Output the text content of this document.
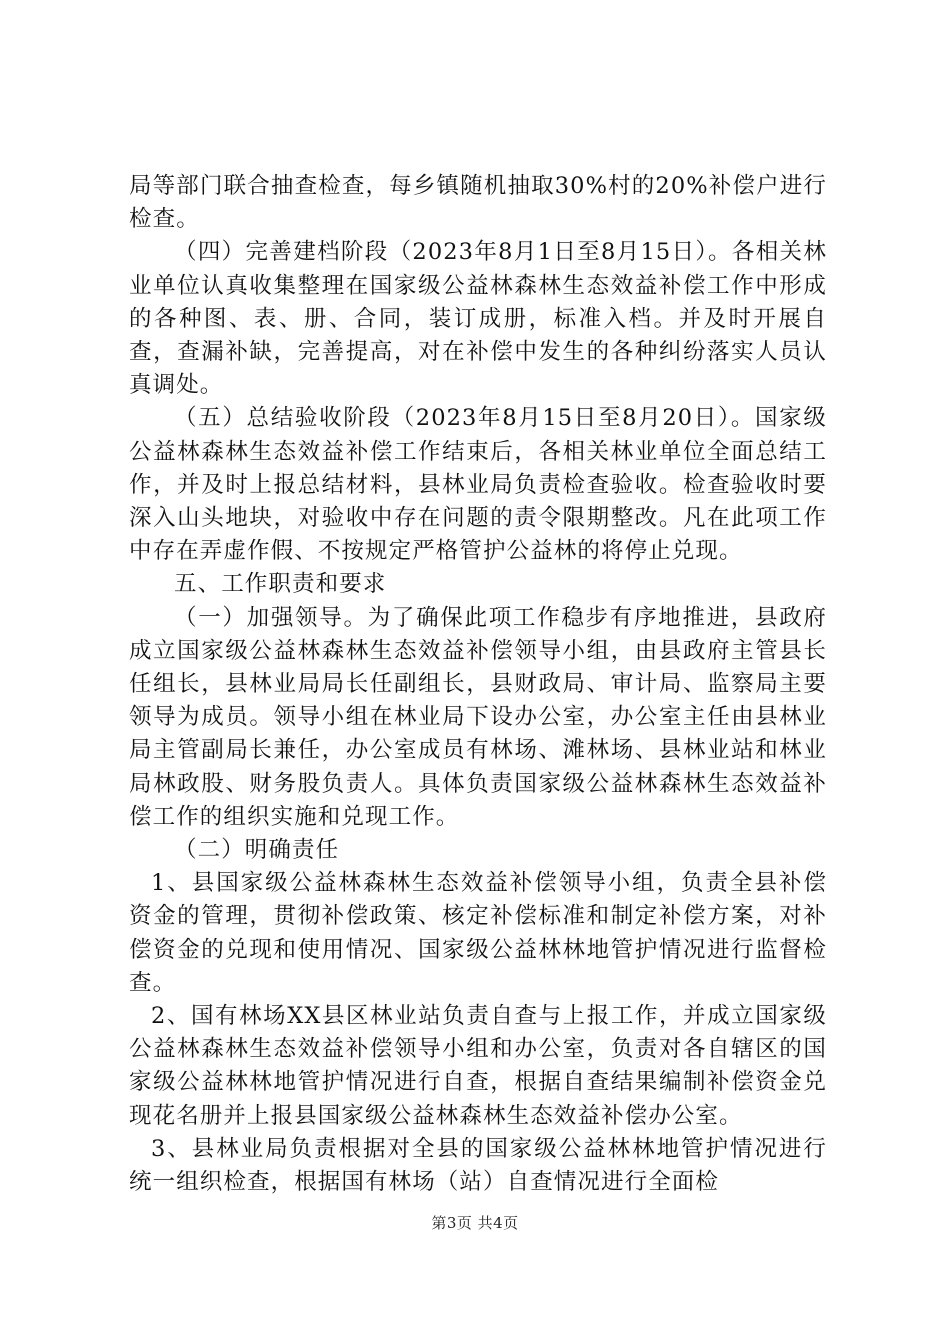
局等部门联合抽查检查，每乡镇随机抽取30%村的20%补偿户进行检查。

（四）完善建档阶段（2023年8月1日至8月15日）。各相关林业单位认真收集整理在国家级公益林森林生态效益补偿工作中形成的各种图、表、册、合同，装订成册，标准入档。并及时开展自查，查漏补缺，完善提高，对在补偿中发生的各种纠纷落实人员认真调处。

（五）总结验收阶段（2023年8月15日至8月20日）。国家级公益林森林生态效益补偿工作结束后，各相关林业单位全面总结工作，并及时上报总结材料，县林业局负责检查验收。检查验收时要深入山头地块，对验收中存在问题的责令限期整改。凡在此项工作中存在弄虚作假、不按规定严格管护公益林的将停止兑现。

五、工作职责和要求

（一）加强领导。为了确保此项工作稳步有序地推进，县政府成立国家级公益林森林生态效益补偿领导小组，由县政府主管县长任组长，县林业局局长任副组长，县财政局、审计局、监察局主要领导为成员。领导小组在林业局下设办公室，办公室主任由县林业局主管副局长兼任，办公室成员有林场、滩林场、县林业站和林业局林政股、财务股负责人。具体负责国家级公益林森林生态效益补偿工作的组织实施和兑现工作。

（二）明确责任

1、县国家级公益林森林生态效益补偿领导小组，负责全县补偿资金的管理，贯彻补偿政策、核定补偿标准和制定补偿方案，对补偿资金的兑现和使用情况、国家级公益林林地管护情况进行监督检查。

2、国有林场XX县区林业站负责自查与上报工作，并成立国家级公益林森林生态效益补偿领导小组和办公室，负责对各自辖区的国家级公益林林地管护情况进行自查，根据自查结果编制补偿资金兑现花名册并上报县国家级公益林森林生态效益补偿办公室。

3、县林业局负责根据对全县的国家级公益林林地管护情况进行统一组织检查，根据国有林场（站）自查情况进行全面检

第3页 共4页
